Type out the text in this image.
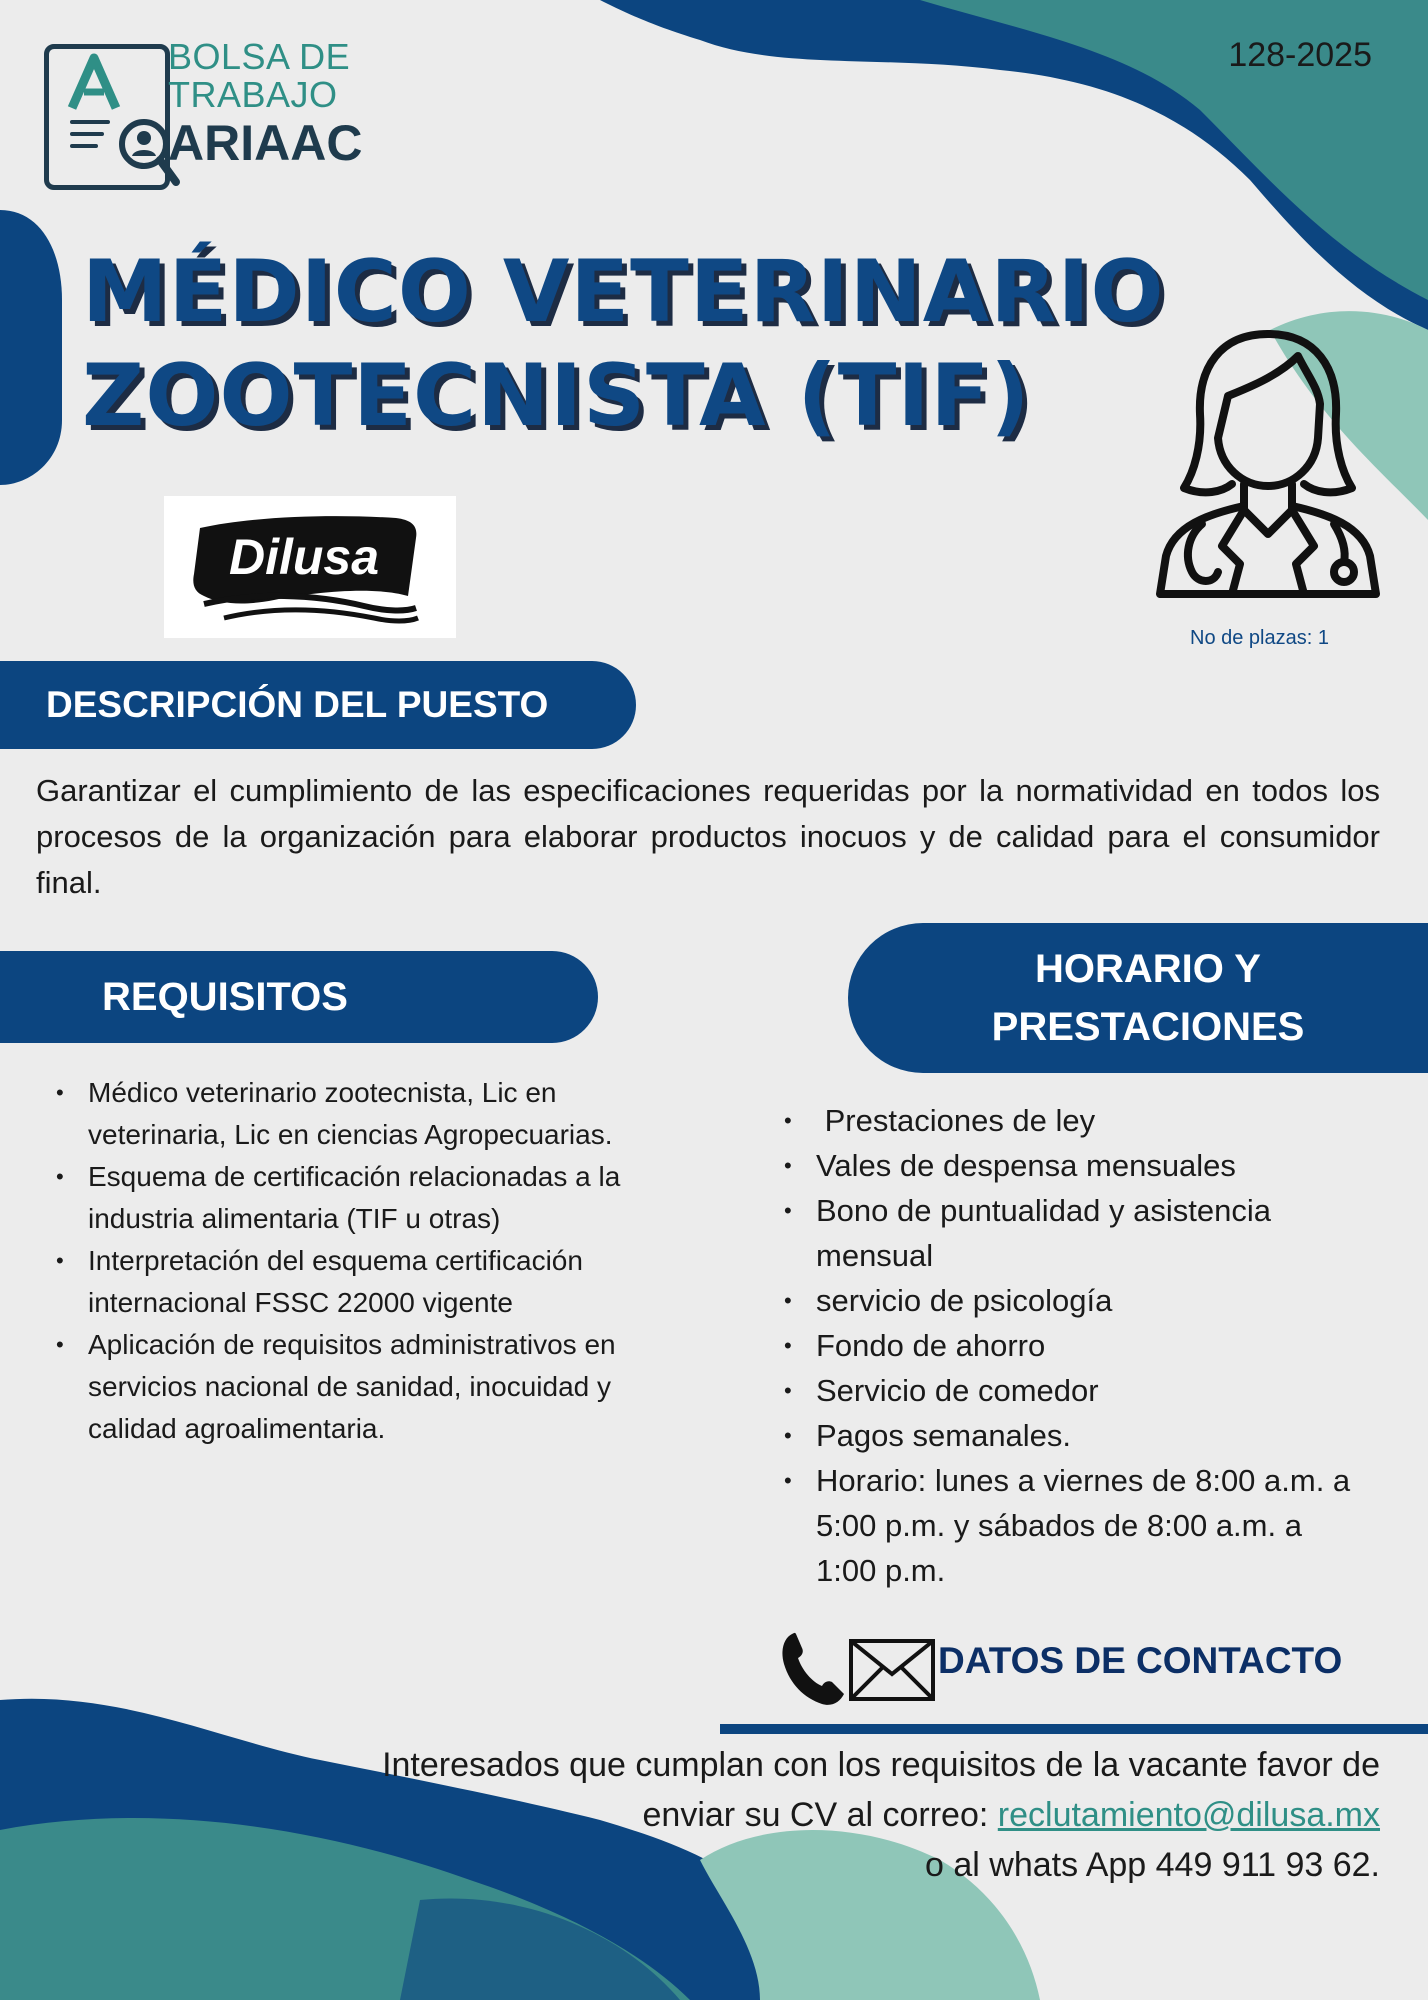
BOLSA DE
TRABAJO
ARIAAC
128-2025
MÉDICO VETERINARIO
ZOOTECNISTA (TIF)
Dilusa
No de plazas: 1
DESCRIPCIÓN DEL PUESTO
Garantizar el cumplimiento de las especificaciones requeridas por la normatividad en todos los procesos de la organización para elaborar productos inocuos y de calidad para el consumidor final.
REQUISITOS
• Médico veterinario zootecnista, Lic en veterinaria, Lic en ciencias Agropecuarias.
• Esquema de certificación relacionadas a la industria alimentaria (TIF u otras)
• Interpretación del esquema certificación internacional FSSC 22000 vigente
• Aplicación de requisitos administrativos en servicios nacional de sanidad, inocuidad y calidad agroalimentaria.
HORARIO Y
PRESTACIONES
•  Prestaciones de ley
• Vales de despensa mensuales
• Bono de puntualidad y asistencia mensual
• servicio de psicología
• Fondo de ahorro
• Servicio de comedor
• Pagos semanales.
• Horario: lunes a viernes de 8:00 a.m. a 5:00 p.m. y sábados de 8:00 a.m. a 1:00 p.m.
DATOS DE CONTACTO
Interesados que cumplan con los requisitos de la vacante favor de
enviar su CV al correo: reclutamiento@dilusa.mx
o al whats App 449 911 93 62.
